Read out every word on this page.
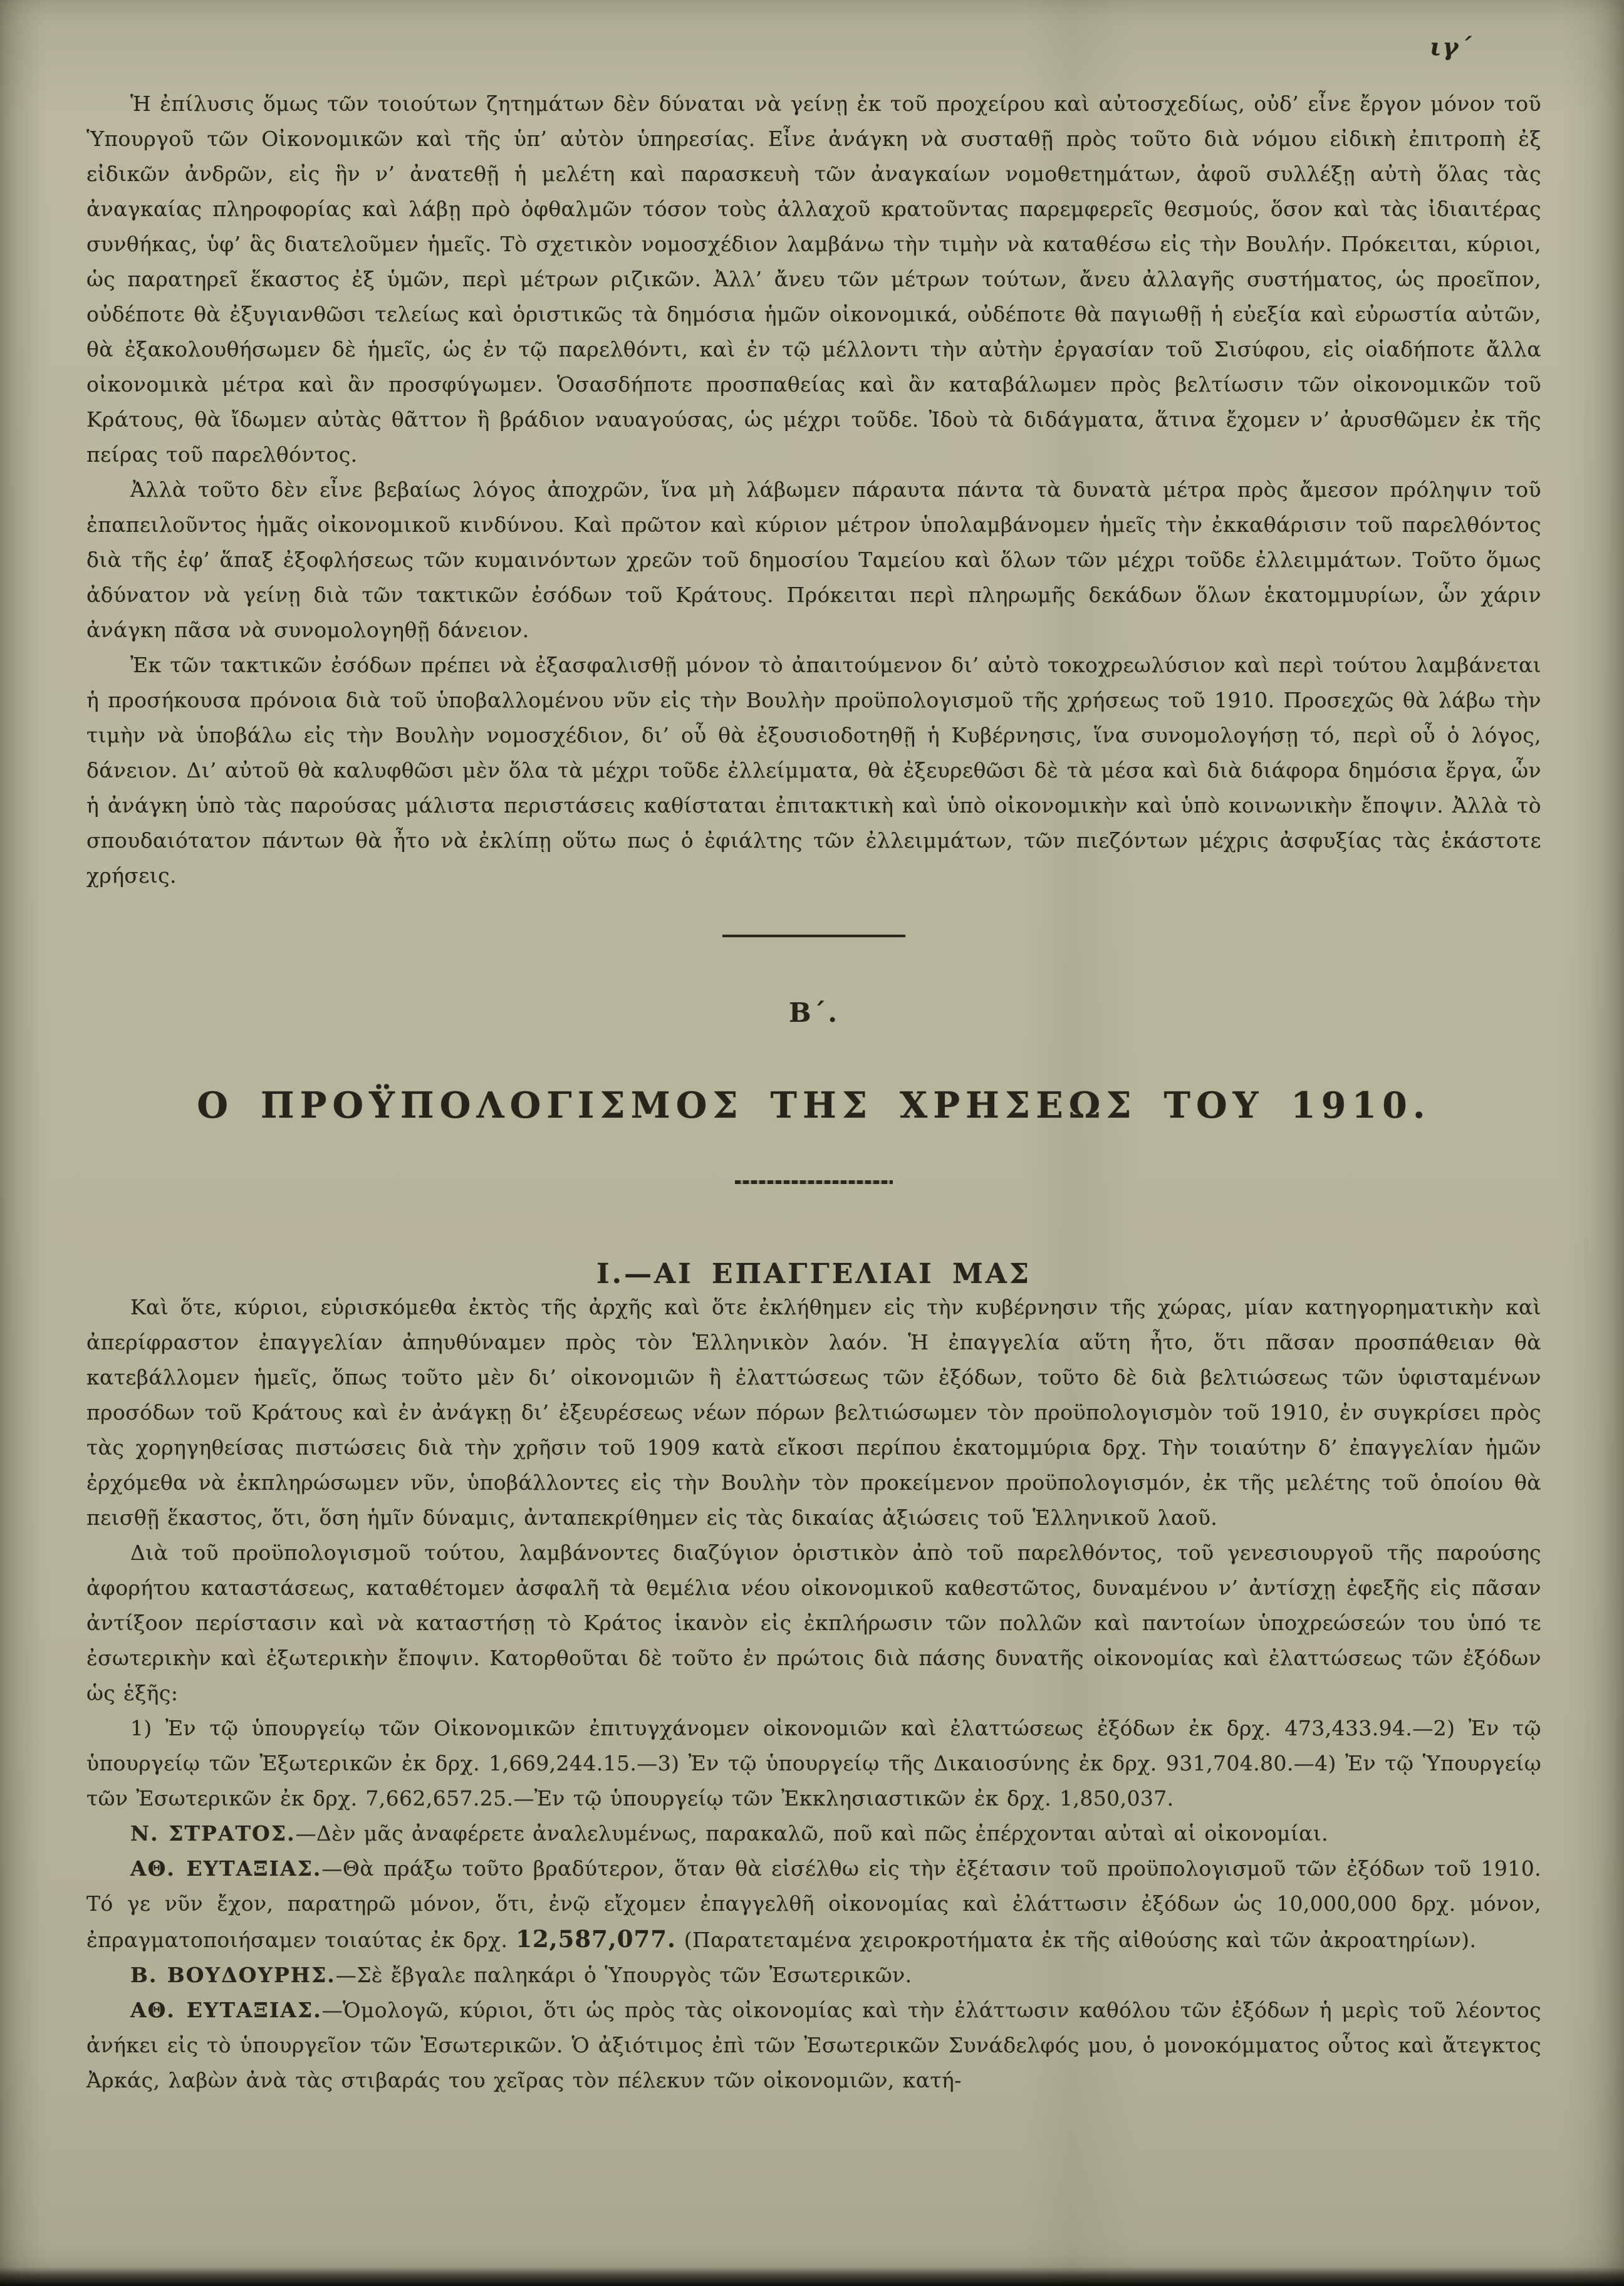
ιγ΄

Ἡ ἐπίλυσις ὅμως τῶν τοιούτων ζητημάτων δὲν δύναται νὰ γείνῃ ἐκ τοῦ προχείρου καὶ αὐτοσχεδίως, οὐδ’ εἶνε ἔργον μόνον τοῦ Ὑπουργοῦ τῶν Οἰκονομικῶν καὶ τῆς ὑπ’ αὐτὸν ὑπηρεσίας. Εἶνε ἀνάγκη νὰ συσταθῇ πρὸς τοῦτο διὰ νόμου εἰδικὴ ἐπιτροπὴ ἐξ εἰδικῶν ἀνδρῶν, εἰς ἣν ν’ ἀνατεθῇ ἡ μελέτη καὶ παρασκευὴ τῶν ἀναγκαίων νομοθετημάτων, ἀφοῦ συλλέξῃ αὐτὴ ὅλας τὰς ἀναγκαίας πληροφορίας καὶ λάβῃ πρὸ ὀφθαλμῶν τόσον τοὺς ἀλλαχοῦ κρατοῦντας παρεμφερεῖς θεσμούς, ὅσον καὶ τὰς ἰδιαιτέρας συνθήκας, ὑφ’ ἃς διατελοῦμεν ἡμεῖς. Τὸ σχετικὸν νομοσχέδιον λαμβάνω τὴν τιμὴν νὰ καταθέσω εἰς τὴν Βουλήν. Πρόκειται, κύριοι, ὡς παρατηρεῖ ἕκαστος ἐξ ὑμῶν, περὶ μέτρων ριζικῶν. Ἀλλ’ ἄνευ τῶν μέτρων τούτων, ἄνευ ἀλλαγῆς συστήματος, ὡς προεῖπον, οὐδέποτε θὰ ἐξυγιανθῶσι τελείως καὶ ὁριστικῶς τὰ δημόσια ἡμῶν οἰκονομικά, οὐδέποτε θὰ παγιωθῇ ἡ εὐεξία καὶ εὐρωστία αὐτῶν, θὰ ἐξακολουθήσωμεν δὲ ἡμεῖς, ὡς ἐν τῷ παρελθόντι, καὶ ἐν τῷ μέλλοντι τὴν αὐτὴν ἐργασίαν τοῦ Σισύφου, εἰς οἱαδήποτε ἄλλα οἰκονομικὰ μέτρα καὶ ἂν προσφύγωμεν. Ὁσασδήποτε προσπαθείας καὶ ἂν καταβάλωμεν πρὸς βελτίωσιν τῶν οἰκονομικῶν τοῦ Κράτους, θὰ ἴδωμεν αὐτὰς θᾶττον ἢ βράδιον ναυαγούσας, ὡς μέχρι τοῦδε. Ἰδοὺ τὰ διδάγματα, ἅτινα ἔχομεν ν’ ἀρυσθῶμεν ἐκ τῆς πείρας τοῦ παρελθόντος.

Ἀλλὰ τοῦτο δὲν εἶνε βεβαίως λόγος ἀποχρῶν, ἵνα μὴ λάβωμεν πάραυτα πάντα τὰ δυνατὰ μέτρα πρὸς ἄμεσον πρόληψιν τοῦ ἐπαπειλοῦντος ἡμᾶς οἰκονομικοῦ κινδύνου. Καὶ πρῶτον καὶ κύριον μέτρον ὑπολαμβάνομεν ἡμεῖς τὴν ἐκκαθάρισιν τοῦ παρελθόντος διὰ τῆς ἐφ’ ἅπαξ ἐξοφλήσεως τῶν κυμαινόντων χρεῶν τοῦ δημοσίου Ταμείου καὶ ὅλων τῶν μέχρι τοῦδε ἐλλειμμάτων. Τοῦτο ὅμως ἀδύνατον νὰ γείνῃ διὰ τῶν τακτικῶν ἐσόδων τοῦ Κράτους. Πρόκειται περὶ πληρωμῆς δεκάδων ὅλων ἑκατομμυρίων, ὧν χάριν ἀνάγκη πᾶσα νὰ συνομολογηθῇ δάνειον.

Ἐκ τῶν τακτικῶν ἐσόδων πρέπει νὰ ἐξασφαλισθῇ μόνον τὸ ἀπαιτούμενον δι’ αὐτὸ τοκοχρεωλύσιον καὶ περὶ τούτου λαμβάνεται ἡ προσήκουσα πρόνοια διὰ τοῦ ὑποβαλλομένου νῦν εἰς τὴν Βουλὴν προϋπολογισμοῦ τῆς χρήσεως τοῦ 1910. Προσεχῶς θὰ λάβω τὴν τιμὴν νὰ ὑποβάλω εἰς τὴν Βουλὴν νομοσχέδιον, δι’ οὗ θὰ ἐξουσιοδοτηθῇ ἡ Κυβέρνησις, ἵνα συνομολογήσῃ τό, περὶ οὗ ὁ λόγος, δάνειον. Δι’ αὐτοῦ θὰ καλυφθῶσι μὲν ὅλα τὰ μέχρι τοῦδε ἐλλείμματα, θὰ ἐξευρεθῶσι δὲ τὰ μέσα καὶ διὰ διάφορα δημόσια ἔργα, ὧν ἡ ἀνάγκη ὑπὸ τὰς παρούσας μάλιστα περιστάσεις καθίσταται ἐπιτακτικὴ καὶ ὑπὸ οἰκονομικὴν καὶ ὑπὸ κοινωνικὴν ἔποψιν. Ἀλλὰ τὸ σπουδαιότατον πάντων θὰ ἦτο νὰ ἐκλίπῃ οὕτω πως ὁ ἐφιάλτης τῶν ἐλλειμμάτων, τῶν πιεζόντων μέχρις ἀσφυξίας τὰς ἑκάστοτε χρήσεις.

Β΄.
Ο ΠΡΟΫΠΟΛΟΓΙΣΜΟΣ ΤΗΣ ΧΡΗΣΕΩΣ ΤΟΥ 1910.
Ι.—ΑΙ ΕΠΑΓΓΕΛΙΑΙ ΜΑΣ

Καὶ ὅτε, κύριοι, εὑρισκόμεθα ἐκτὸς τῆς ἀρχῆς καὶ ὅτε ἐκλήθημεν εἰς τὴν κυβέρνησιν τῆς χώρας, μίαν κατηγορηματικὴν καὶ ἀπερίφραστον ἐπαγγελίαν ἀπηυθύναμεν πρὸς τὸν Ἑλληνικὸν λαόν. Ἡ ἐπαγγελία αὕτη ἦτο, ὅτι πᾶσαν προσπάθειαν θὰ κατεβάλλομεν ἡμεῖς, ὅπως τοῦτο μὲν δι’ οἰκονομιῶν ἢ ἐλαττώσεως τῶν ἐξόδων, τοῦτο δὲ διὰ βελτιώσεως τῶν ὑφισταμένων προσόδων τοῦ Κράτους καὶ ἐν ἀνάγκῃ δι’ ἐξευρέσεως νέων πόρων βελτιώσωμεν τὸν προϋπολογισμὸν τοῦ 1910, ἐν συγκρίσει πρὸς τὰς χορηγηθείσας πιστώσεις διὰ τὴν χρῆσιν τοῦ 1909 κατὰ εἴκοσι περίπου ἑκατομμύρια δρχ. Τὴν τοιαύτην δ’ ἐπαγγελίαν ἡμῶν ἐρχόμεθα νὰ ἐκπληρώσωμεν νῦν, ὑποβάλλοντες εἰς τὴν Βουλὴν τὸν προκείμενον προϋπολογισμόν, ἐκ τῆς μελέτης τοῦ ὁποίου θὰ πεισθῇ ἕκαστος, ὅτι, ὅση ἡμῖν δύναμις, ἀνταπεκρίθημεν εἰς τὰς δικαίας ἀξιώσεις τοῦ Ἑλληνικοῦ λαοῦ.

Διὰ τοῦ προϋπολογισμοῦ τούτου, λαμβάνοντες διαζύγιον ὁριστικὸν ἀπὸ τοῦ παρελθόντος, τοῦ γενεσιουργοῦ τῆς παρούσης ἀφορήτου καταστάσεως, καταθέτομεν ἀσφαλῆ τὰ θεμέλια νέου οἰκονομικοῦ καθεστῶτος, δυναμένου ν’ ἀντίσχῃ ἐφεξῆς εἰς πᾶσαν ἀντίξοον περίστασιν καὶ νὰ καταστήσῃ τὸ Κράτος ἱκανὸν εἰς ἐκπλήρωσιν τῶν πολλῶν καὶ παντοίων ὑποχρεώσεών του ὑπό τε ἐσωτερικὴν καὶ ἐξωτερικὴν ἔποψιν. Κατορθοῦται δὲ τοῦτο ἐν πρώτοις διὰ πάσης δυνατῆς οἰκονομίας καὶ ἐλαττώσεως τῶν ἐξόδων ὡς ἑξῆς:

1) Ἐν τῷ ὑπουργείῳ τῶν Οἰκονομικῶν ἐπιτυγχάνομεν οἰκονομιῶν καὶ ἐλαττώσεως ἐξόδων ἐκ δρχ. 473,433.94.—2) Ἐν τῷ ὑπουργείῳ τῶν Ἐξωτερικῶν ἐκ δρχ. 1,669,244.15.—3) Ἐν τῷ ὑπουργείῳ τῆς Δικαιοσύνης ἐκ δρχ. 931,704.80.—4) Ἐν τῷ Ὑπουργείῳ τῶν Ἐσωτερικῶν ἐκ δρχ. 7,662,657.25.—Ἐν τῷ ὑπουργείῳ τῶν Ἐκκλησιαστικῶν ἐκ δρχ. 1,850,037.

Ν. ΣΤΡΑΤΟΣ.—Δὲν μᾶς ἀναφέρετε ἀναλελυμένως, παρακαλῶ, ποῦ καὶ πῶς ἐπέρχονται αὐταὶ αἱ οἰκονομίαι.

ΑΘ. ΕΥΤΑΞΙΑΣ.—Θὰ πράξω τοῦτο βραδύτερον, ὅταν θὰ εἰσέλθω εἰς τὴν ἐξέτασιν τοῦ προϋπολογισμοῦ τῶν ἐξόδων τοῦ 1910. Τό γε νῦν ἔχον, παρατηρῶ μόνον, ὅτι, ἐνῷ εἴχομεν ἐπαγγελθῆ οἰκονομίας καὶ ἐλάττωσιν ἐξόδων ὡς 10,000,000 δρχ. μόνον, ἐπραγματοποιήσαμεν τοιαύτας ἐκ δρχ. 12,587,077. (Παρατεταμένα χειροκροτήματα ἐκ τῆς αἰθούσης καὶ τῶν ἀκροατηρίων).

Β. ΒΟΥΔΟΥΡΗΣ.—Σὲ ἔβγαλε παληκάρι ὁ Ὑπουργὸς τῶν Ἐσωτερικῶν.

ΑΘ. ΕΥΤΑΞΙΑΣ.—Ὁμολογῶ, κύριοι, ὅτι ὡς πρὸς τὰς οἰκονομίας καὶ τὴν ἐλάττωσιν καθόλου τῶν ἐξόδων ἡ μερὶς τοῦ λέοντος ἀνήκει εἰς τὸ ὑπουργεῖον τῶν Ἐσωτερικῶν. Ὁ ἀξιότιμος ἐπὶ τῶν Ἐσωτερικῶν Συνάδελφός μου, ὁ μονοκόμματος οὗτος καὶ ἄτεγκτος Ἀρκάς, λαβὼν ἀνὰ τὰς στιβαράς του χεῖρας τὸν πέλεκυν τῶν οἰκονομιῶν, κατή-
